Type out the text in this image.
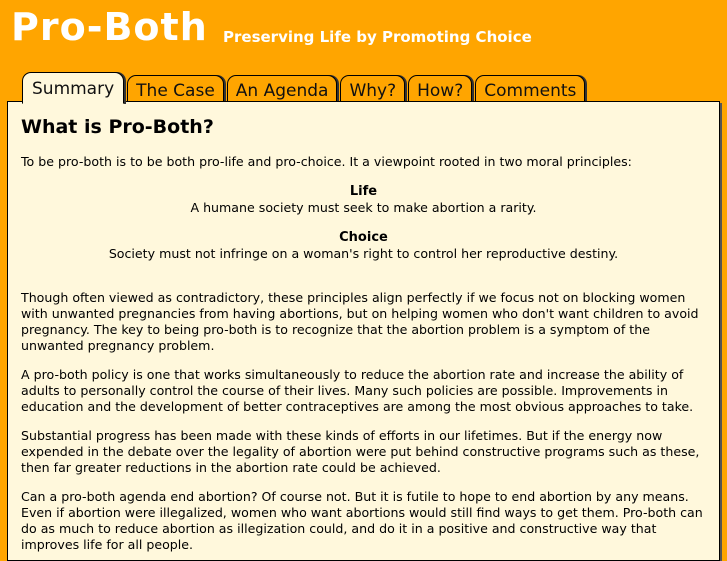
Pro-Both Preserving Life by Promoting Choice
Summary	The Case	An Agenda	Why?	How?	Comments
What is Pro-Both?

To be pro-both is to be both pro-life and pro-choice. It a viewpoint rooted in two moral principles:

Life
A humane society must seek to make abortion a rarity.
Choice
Society must not infringe on a woman's right to control her reproductive destiny.

Though often viewed as contradictory, these principles align perfectly if we focus not on blocking women with unwanted pregnancies from having abortions, but on helping women who don't want children to avoid pregnancy. The key to being pro-both is to recognize that the abortion problem is a symptom of the unwanted pregnancy problem.

A pro-both policy is one that works simultaneously to reduce the abortion rate and increase the ability of adults to personally control the course of their lives. Many such policies are possible. Improvements in education and the development of better contraceptives are among the most obvious approaches to take.

Substantial progress has been made with these kinds of efforts in our lifetimes. But if the energy now expended in the debate over the legality of abortion were put behind constructive programs such as these, then far greater reductions in the abortion rate could be achieved.

Can a pro-both agenda end abortion? Of course not. But it is futile to hope to end abortion by any means. Even if abortion were illegalized, women who want abortions would still find ways to get them. Pro-both can do as much to reduce abortion as illegization could, and do it in a positive and constructive way that improves life for all people.
